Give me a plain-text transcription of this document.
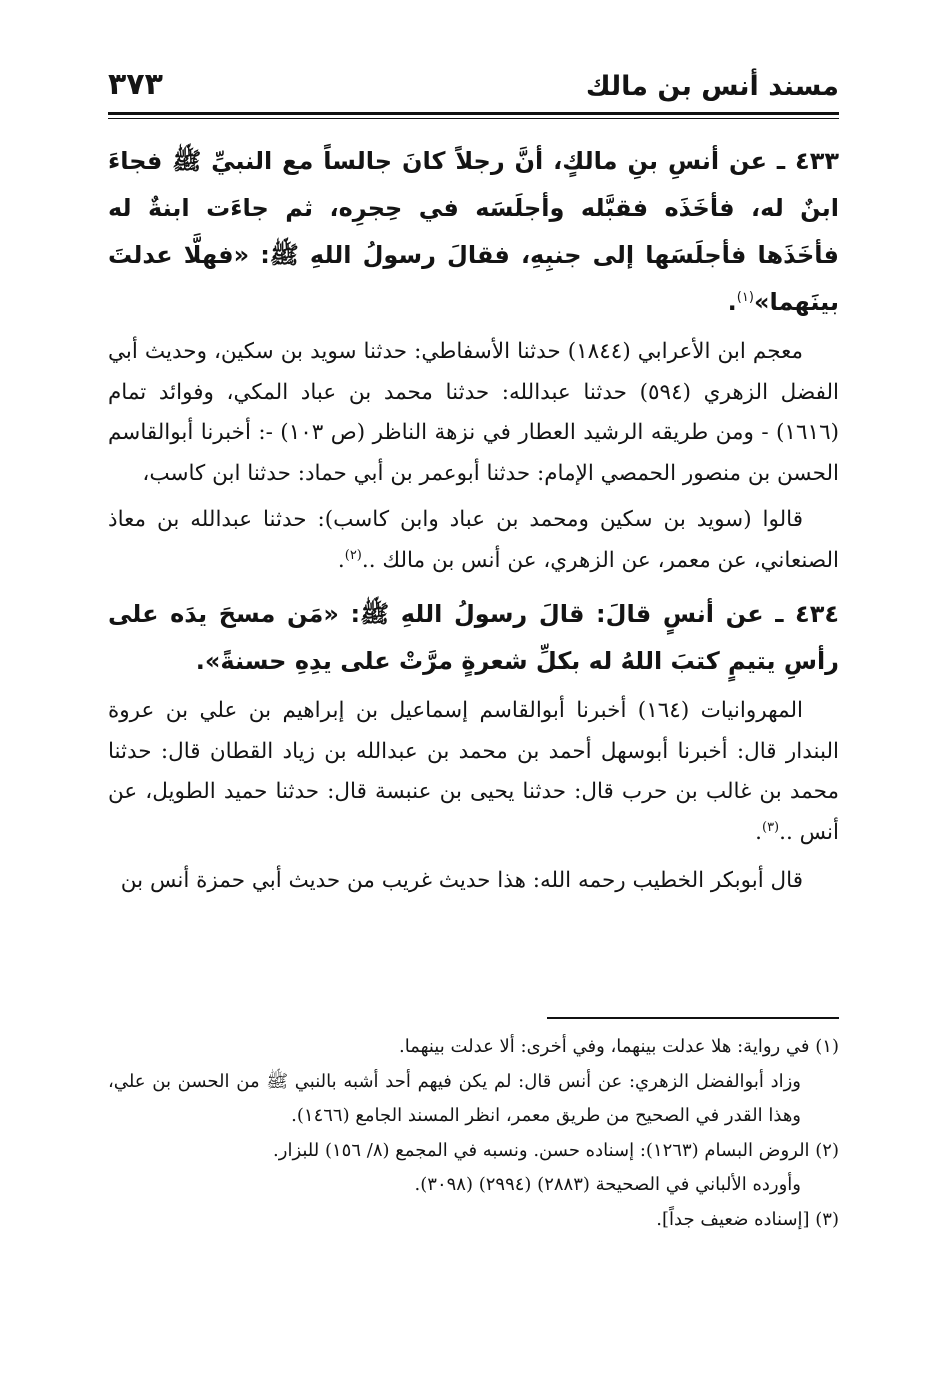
مسند أنس بن مالك
٣٧٣

٤٣٣ ـ عن أنسِ بنِ مالكٍ، أنَّ رجلاً كانَ جالساً مع النبيِّ ﷺ فجاءَ ابنٌ له، فأخَذَه فقبَّله وأجلَسَه في حِجرِه، ثم جاءَت ابنةٌ له فأخَذَها فأجلَسَها إلى جنبِهِ، فقالَ رسولُ اللهِ ﷺ: «فهلَّا عدلتَ بينَهما»$^{(١)}$.

معجم ابن الأعرابي (١٨٤٤) حدثنا الأسفاطي: حدثنا سويد بن سكين، وحديث أبي الفضل الزهري (٥٩٤) حدثنا عبدالله: حدثنا محمد بن عباد المكي، وفوائد تمام (١٦١٦) - ومن طريقه الرشيد العطار في نزهة الناظر (ص ١٠٣) -: أخبرنا أبوالقاسم الحسن بن منصور الحمصي الإمام: حدثنا أبوعمر بن أبي حماد: حدثنا ابن كاسب،

قالوا (سويد بن سكين ومحمد بن عباد وابن كاسب): حدثنا عبدالله بن معاذ الصنعاني، عن معمر، عن الزهري، عن أنس بن مالك ..$^{(٢)}$.

٤٣٤ ـ عن أنسٍ قالَ: قالَ رسولُ اللهِ ﷺ: «مَن مسحَ يدَه على رأسِ يتيمٍ كتبَ اللهُ له بكلِّ شعرةٍ مرَّتْ على يدِهِ حسنةً».

المهروانيات (١٦٤) أخبرنا أبوالقاسم إسماعيل بن إبراهيم بن علي بن عروة البندار قال: أخبرنا أبوسهل أحمد بن محمد بن عبدالله بن زياد القطان قال: حدثنا محمد بن غالب بن حرب قال: حدثنا يحيى بن عنبسة قال: حدثنا حميد الطويل، عن أنس ..$^{(٣)}$.

قال أبوبكر الخطيب رحمه الله: هذا حديث غريب من حديث أبي حمزة أنس بن

(١) في رواية: هلا عدلت بينهما، وفي أخرى: ألا عدلت بينهما.

وزاد أبوالفضل الزهري: عن أنس قال: لم يكن فيهم أحد أشبه بالنبي ﷺ من الحسن بن علي، وهذا القدر في الصحيح من طريق معمر، انظر المسند الجامع (١٤٦٦).

(٢) الروض البسام (١٢٦٣): إسناده حسن. ونسبه في المجمع (٨/ ١٥٦) للبزار.

وأورده الألباني في الصحيحة (٢٨٨٣) (٢٩٩٤) (٣٠٩٨).

(٣) [إسناده ضعيف جداً].
